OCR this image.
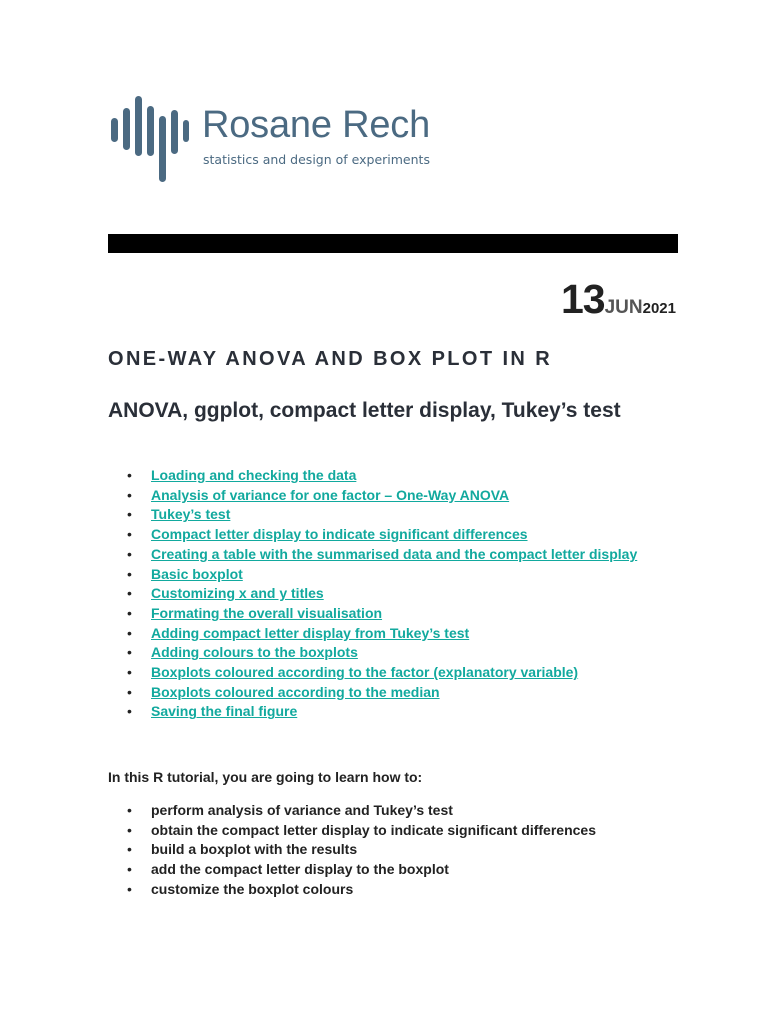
Rosane Rech
statistics and design of experiments
13JUN2021
ONE-WAY ANOVA AND BOX PLOT IN R
ANOVA, ggplot, compact letter display, Tukey’s test
• Loading and checking the data
• Analysis of variance for one factor – One-Way ANOVA
• Tukey’s test
• Compact letter display to indicate significant differences
• Creating a table with the summarised data and the compact letter display
• Basic boxplot
• Customizing x and y titles
• Formating the overall visualisation
• Adding compact letter display from Tukey’s test
• Adding colours to the boxplots
• Boxplots coloured according to the factor (explanatory variable)
• Boxplots coloured according to the median
• Saving the final figure

In this R tutorial, you are going to learn how to:

• perform analysis of variance and Tukey’s test
• obtain the compact letter display to indicate significant differences
• build a boxplot with the results
• add the compact letter display to the boxplot
• customize the boxplot colours
